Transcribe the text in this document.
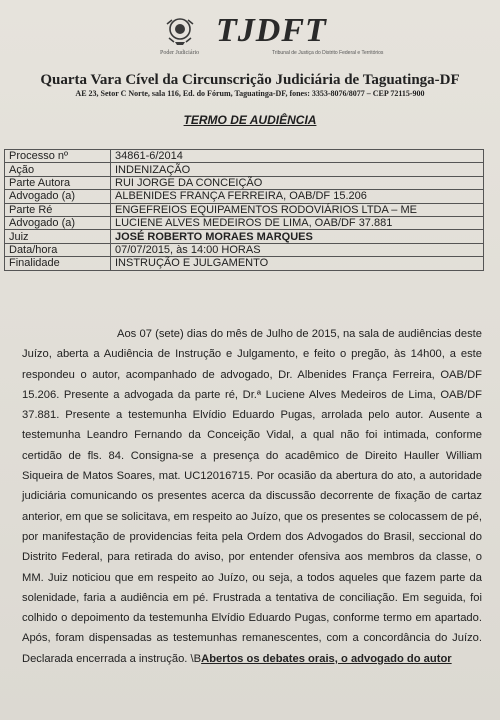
Poder Judiciário
TJDFT
Tribunal de Justiça do Distrito Federal e Territórios
Quarta Vara Cível da Circunscrição Judiciária de Taguatinga-DF
AE 23, Setor C Norte, sala 116, Ed. do Fórum, Taguatinga-DF, fones: 3353-8076/8077 – CEP 72115-900
TERMO DE AUDIÊNCIA
Processo nº	34861-6/2014
Ação	INDENIZAÇÃO
Parte Autora	RUI JORGE DA CONCEIÇÃO
Advogado (a)	ALBENIDES FRANÇA FERREIRA, OAB/DF 15.206
Parte Ré	ENGEFREIOS EQUIPAMENTOS RODOVIÁRIOS LTDA – ME
Advogado (a)	LUCIENE ALVES MEDEIROS DE LIMA, OAB/DF 37.881
Juiz	JOSÉ ROBERTO MORAES MARQUES
Data/hora	07/07/2015, às 14:00 HORAS
Finalidade	INSTRUÇÃO E JULGAMENTO

Aos 07 (sete) dias do mês de Julho de 2015, na sala de audiências deste Juízo, aberta a Audiência de Instrução e Julgamento, e feito o pregão, às 14h00, a este respondeu o autor, acompanhado de advogado, Dr. Albenides França Ferreira, OAB/DF 15.206. Presente a advogada da parte ré, Dr.ª Luciene Alves Medeiros de Lima, OAB/DF 37.881. Presente a testemunha Elvídio Eduardo Pugas, arrolada pelo autor. Ausente a testemunha Leandro Fernando da Conceição Vidal, a qual não foi intimada, conforme certidão de fls. 84. Consigna-se a presença do acadêmico de Direito Hauller William Siqueira de Matos Soares, mat. UC12016715. Por ocasião da abertura do ato, a autoridade judiciária comunicando os presentes acerca da discussão decorrente de fixação de cartaz anterior, em que se solicitava, em respeito ao Juízo, que os presentes se colocassem de pé, por manifestação de providencias feita pela Ordem dos Advogados do Brasil, seccional do Distrito Federal, para retirada do aviso, por entender ofensiva aos membros da classe, o MM. Juiz noticiou que em respeito ao Juízo, ou seja, a todos aqueles que fazem parte da solenidade, faria a audiência em pé. Frustrada a tentativa de conciliação. Em seguida, foi colhido o depoimento da testemunha Elvídio Eduardo Pugas, conforme termo em apartado. Após, foram dispensadas as testemunhas remanescentes, com a concordância do Juízo. Declarada encerrada a instrução. \BAbertos os debates orais, o advogado do autor
